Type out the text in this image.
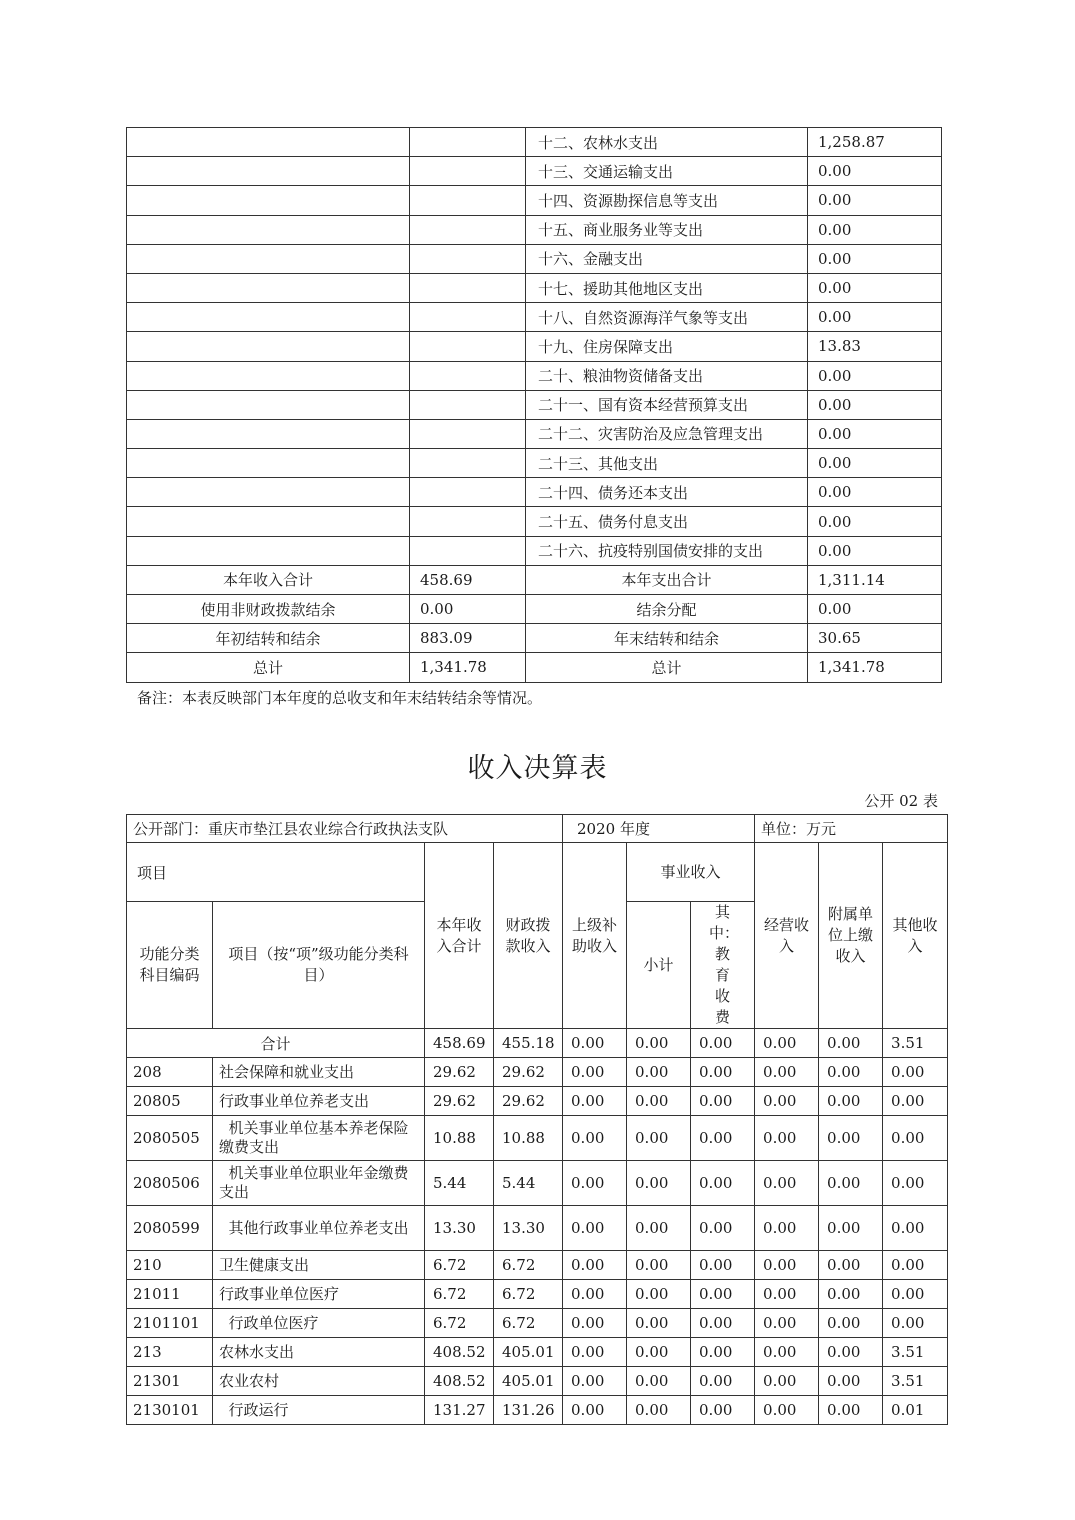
		十二、农林水支出	1,258.87
		十三、交通运输支出	0.00
		十四、资源勘探信息等支出	0.00
		十五、商业服务业等支出	0.00
		十六、金融支出	0.00
		十七、援助其他地区支出	0.00
		十八、自然资源海洋气象等支出	0.00
		十九、住房保障支出	13.83
		二十、粮油物资储备支出	0.00
		二十一、国有资本经营预算支出	0.00
		二十二、灾害防治及应急管理支出	0.00
		二十三、其他支出	0.00
		二十四、债务还本支出	0.00
		二十五、债务付息支出	0.00
		二十六、抗疫特别国债安排的支出	0.00
本年收入合计	458.69	本年支出合计	1,311.14
使用非财政拨款结余	0.00	结余分配	0.00
年初结转和结余	883.09	年末结转和结余	30.65
总计	1,341.78	总计	1,341.78
备注：本表反映部门本年度的总收支和年末结转结余等情况。
收入决算表
公开 02 表
公开部门：重庆市垫江县农业综合行政执法支队				2020 年度			单位：万元		
项目		本年收入合计	财政拨款收入	上级补助收入	事业收入		经营收入	附属单位上缴收入	其他收入
功能分类科目编码	项目（按“项”级功能分类科目）				小计	其中：教育收费			

合计		458.69	455.18	0.00	0.00	0.00	0.00	0.00	3.51
208	社会保障和就业支出	29.62	29.62	0.00	0.00	0.00	0.00	0.00	0.00
20805	行政事业单位养老支出	29.62	29.62	0.00	0.00	0.00	0.00	0.00	0.00
2080505	机关事业单位基本养老保险缴费支出	10.88	10.88	0.00	0.00	0.00	0.00	0.00	0.00
2080506	机关事业单位职业年金缴费支出	5.44	5.44	0.00	0.00	0.00	0.00	0.00	0.00
2080599	其他行政事业单位养老支出	13.30	13.30	0.00	0.00	0.00	0.00	0.00	0.00
210	卫生健康支出	6.72	6.72	0.00	0.00	0.00	0.00	0.00	0.00
21011	行政事业单位医疗	6.72	6.72	0.00	0.00	0.00	0.00	0.00	0.00
2101101	行政单位医疗	6.72	6.72	0.00	0.00	0.00	0.00	0.00	0.00
213	农林水支出	408.52	405.01	0.00	0.00	0.00	0.00	0.00	3.51
21301	农业农村	408.52	405.01	0.00	0.00	0.00	0.00	0.00	3.51
2130101	行政运行	131.27	131.26	0.00	0.00	0.00	0.00	0.00	0.01
